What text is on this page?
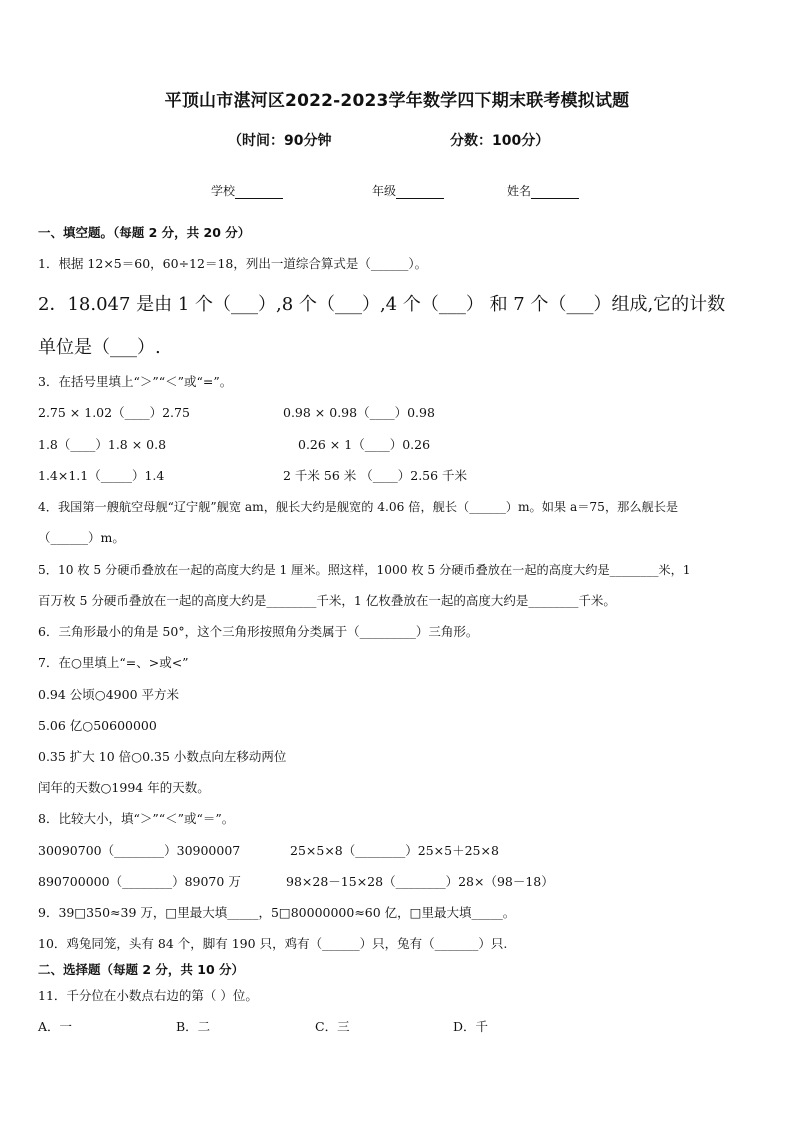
平顶山市湛河区2022-2023学年数学四下期末联考模拟试题
（时间：90分钟	分数：100分）
学校	年级	姓名
一、填空题。（每题 2 分，共 20 分）
1．根据 12×5＝60，60÷12＝18，列出一道综合算式是（______）。
2．18.047 是由 1 个（___）,8 个（___）,4 个（___） 和 7 个（___）组成,它的计数
单位是（___）.
3．在括号里填上“＞”“＜”或“=”。
2.75 × 1.02（____）2.75	0.98 × 0.98（____）0.98
1.8（____）1.8 × 0.8	0.26 × 1（____）0.26
1.4×1.1（_____）1.4	2 千米 56 米 （____）2.56 千米
4．我国第一艘航空母舰“辽宁舰”舰宽 am，舰长大约是舰宽的 4.06 倍，舰长（______）m。如果 a＝75，那么舰长是
（______）m。
5．10 枚 5 分硬币叠放在一起的高度大约是 1 厘米。照这样，1000 枚 5 分硬币叠放在一起的高度大约是________米，1
百万枚 5 分硬币叠放在一起的高度大约是________千米，1 亿枚叠放在一起的高度大约是________千米。
6．三角形最小的角是 50°，这个三角形按照角分类属于（_________）三角形。
7．在○里填上“=、>或<”
0.94 公顷○4900 平方米
5.06 亿○50600000
0.35 扩大 10 倍○0.35 小数点向左移动两位
闰年的天数○1994 年的天数。
8．比较大小，填“＞”“＜”或“＝”。
30090700（________）30900007	25×5×8（________）25×5＋25×8
890700000（________）89070 万	98×28－15×28（________）28×（98－18）
9．39□350≈39 万，□里最大填_____，5□80000000≈60 亿，□里最大填_____。
10．鸡兔同笼，头有 84 个，脚有 190 只，鸡有（______）只，兔有（_______）只.
二、选择题（每题 2 分，共 10 分）
11．千分位在小数点右边的第（ ）位。
A．一	B．二	C．三	D．千
